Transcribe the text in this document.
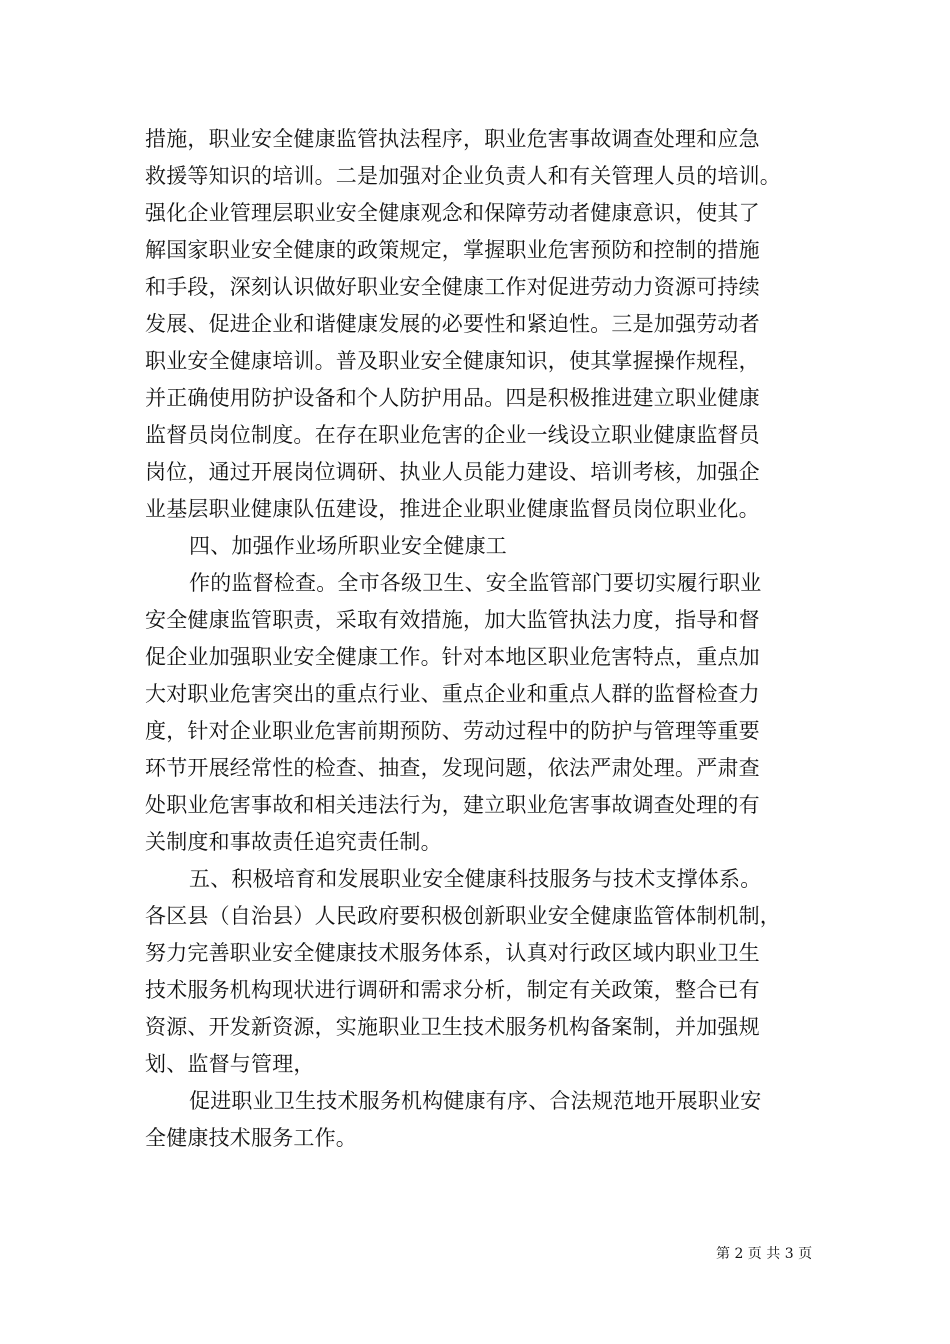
措施，职业安全健康监管执法程序，职业危害事故调查处理和应急
救援等知识的培训。二是加强对企业负责人和有关管理人员的培训。
强化企业管理层职业安全健康观念和保障劳动者健康意识，使其了
解国家职业安全健康的政策规定，掌握职业危害预防和控制的措施
和手段，深刻认识做好职业安全健康工作对促进劳动力资源可持续
发展、促进企业和谐健康发展的必要性和紧迫性。三是加强劳动者
职业安全健康培训。普及职业安全健康知识，使其掌握操作规程，
并正确使用防护设备和个人防护用品。四是积极推进建立职业健康
监督员岗位制度。在存在职业危害的企业一线设立职业健康监督员
岗位，通过开展岗位调研、执业人员能力建设、培训考核，加强企
业基层职业健康队伍建设，推进企业职业健康监督员岗位职业化。
四、加强作业场所职业安全健康工
作的监督检查。全市各级卫生、安全监管部门要切实履行职业
安全健康监管职责，采取有效措施，加大监管执法力度，指导和督
促企业加强职业安全健康工作。针对本地区职业危害特点，重点加
大对职业危害突出的重点行业、重点企业和重点人群的监督检查力
度，针对企业职业危害前期预防、劳动过程中的防护与管理等重要
环节开展经常性的检查、抽查，发现问题，依法严肃处理。严肃查
处职业危害事故和相关违法行为，建立职业危害事故调查处理的有
关制度和事故责任追究责任制。
五、积极培育和发展职业安全健康科技服务与技术支撑体系。
各区县（自治县）人民政府要积极创新职业安全健康监管体制机制，
努力完善职业安全健康技术服务体系，认真对行政区域内职业卫生
技术服务机构现状进行调研和需求分析，制定有关政策，整合已有
资源、开发新资源，实施职业卫生技术服务机构备案制，并加强规
划、监督与管理，
促进职业卫生技术服务机构健康有序、合法规范地开展职业安
全健康技术服务工作。
第 2 页 共 3 页
